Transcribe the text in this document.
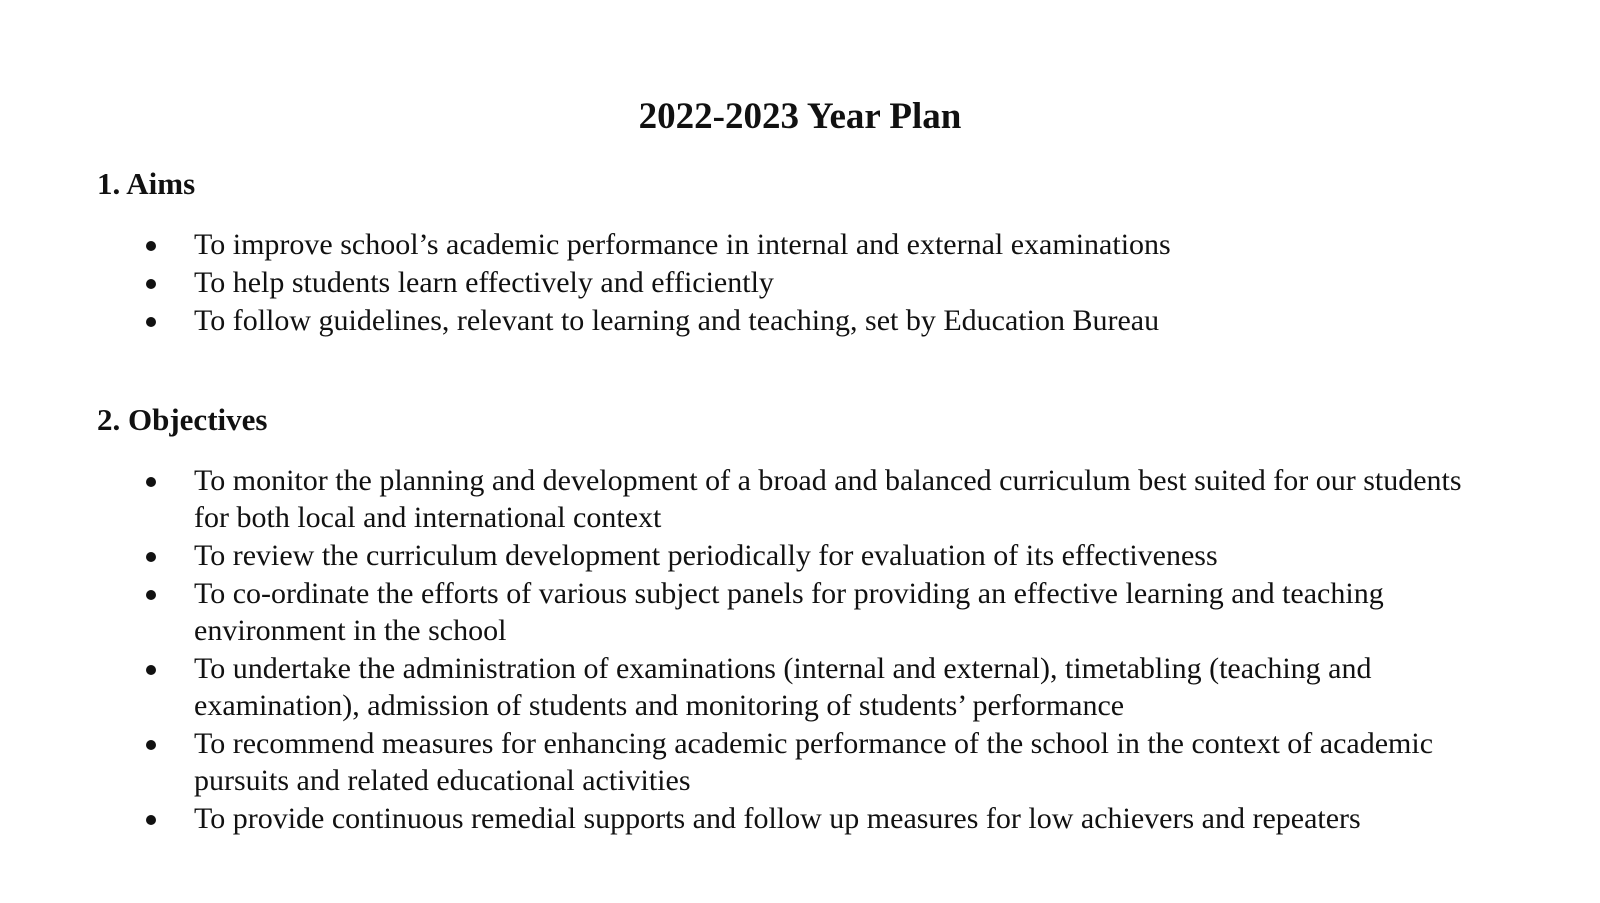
2022-2023 Year Plan
1. Aims
To improve school’s academic performance in internal and external examinations
To help students learn effectively and efficiently
To follow guidelines, relevant to learning and teaching, set by Education Bureau
2. Objectives
To monitor the planning and development of a broad and balanced curriculum best suited for our students for both local and international context
To review the curriculum development periodically for evaluation of its effectiveness
To co-ordinate the efforts of various subject panels for providing an effective learning and teaching environment in the school
To undertake the administration of examinations (internal and external), timetabling (teaching and examination), admission of students and monitoring of students’ performance
To recommend measures for enhancing academic performance of the school in the context of academic pursuits and related educational activities
To provide continuous remedial supports and follow up measures for low achievers and repeaters
